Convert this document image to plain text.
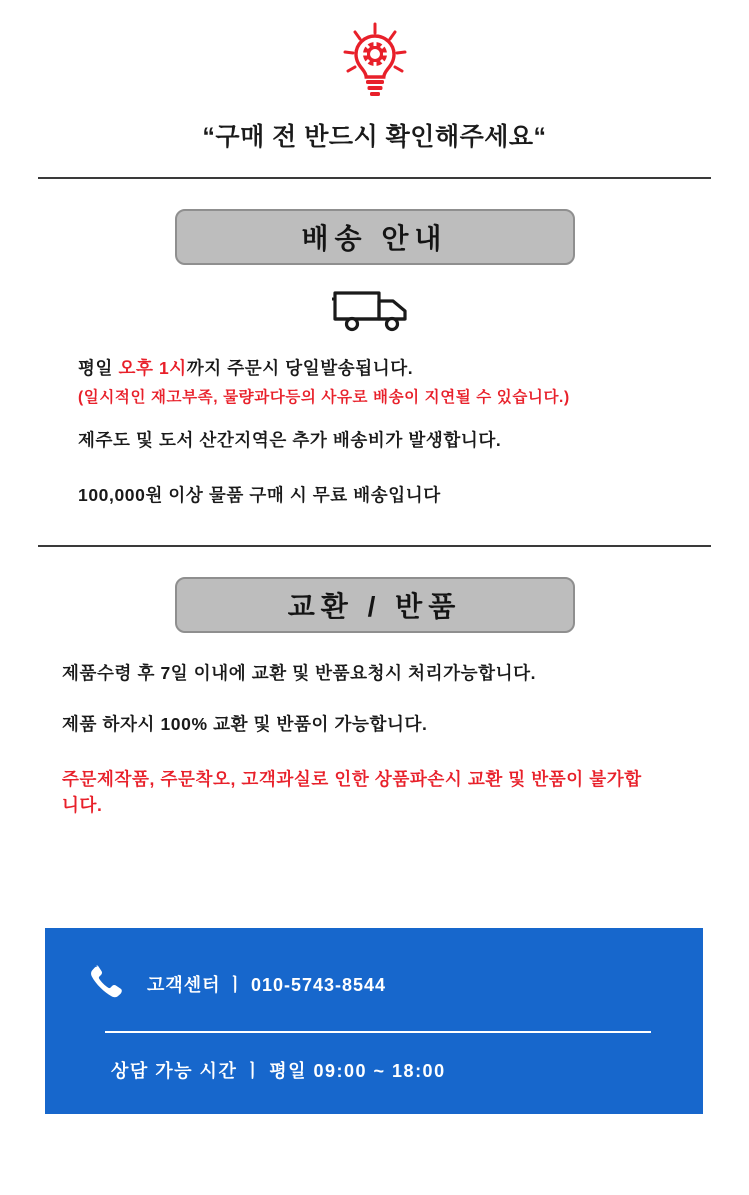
“구매 전 반드시 확인해주세요“
배송 안내
평일 오후 1시까지 주문시 당일발송됩니다.
(일시적인 재고부족, 물량과다등의 사유로 배송이 지연될 수 있습니다.)
제주도 및 도서 산간지역은 추가 배송비가 발생합니다.
100,000원 이상 물품 구매 시 무료 배송입니다
교환 / 반품
제품수령 후 7일 이내에 교환 및 반품요청시 처리가능합니다.
제품 하자시 100% 교환 및 반품이 가능합니다.
주문제작품, 주문착오, 고객과실로 인한 상품파손시 교환 및 반품이 불가합니다.
고객센터 ㅣ 010-5743-8544
상담 가능 시간 ㅣ 평일 09:00 ~ 18:00
